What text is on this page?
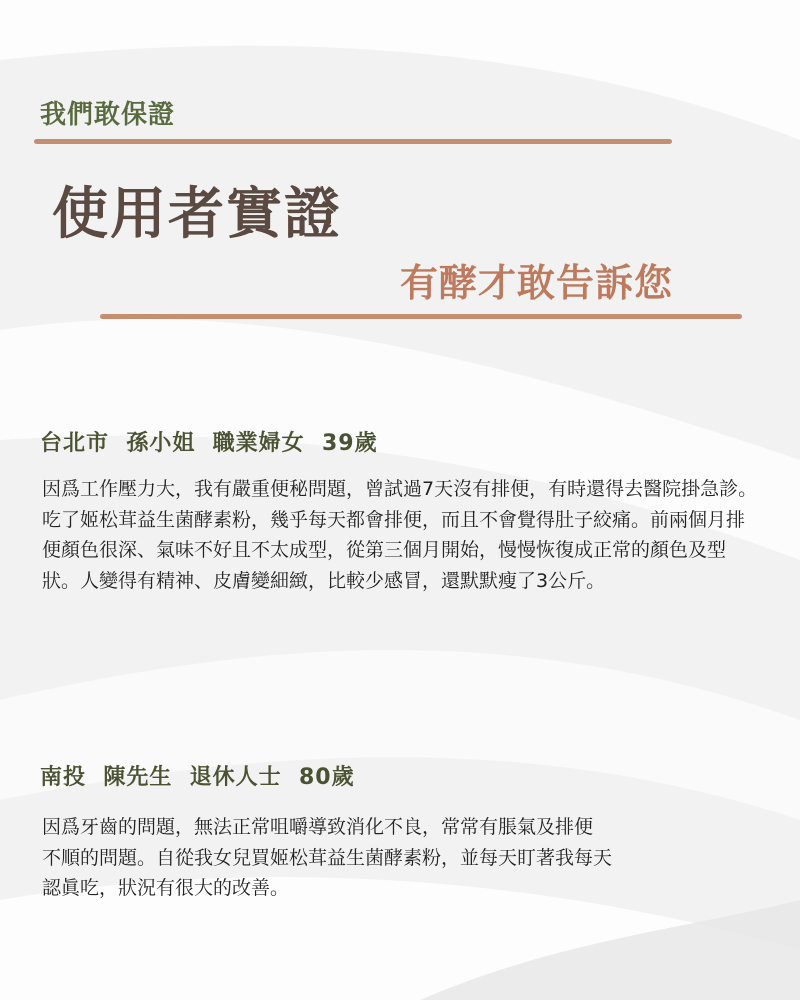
我們敢保證
使用者實證
有酵才敢告訴您
台北市  孫小姐  職業婦女  39歲
因爲工作壓力大，我有嚴重便秘問題，曾試過7天沒有排便，有時還得去醫院掛急診。吃了姬松茸益生菌酵素粉，幾乎每天都會排便，而且不會覺得肚子絞痛。前兩個月排便顏色很深、氣味不好且不太成型，從第三個月開始，慢慢恢復成正常的顏色及型狀。人變得有精神、皮膚變細緻，比較少感冒，還默默瘦了3公斤。
南投  陳先生  退休人士  80歲
因爲牙齒的問題，無法正常咀嚼導致消化不良，常常有脹氣及排便
不順的問題。自從我女兒買姬松茸益生菌酵素粉，並每天盯著我每天
認眞吃，狀況有很大的改善。
